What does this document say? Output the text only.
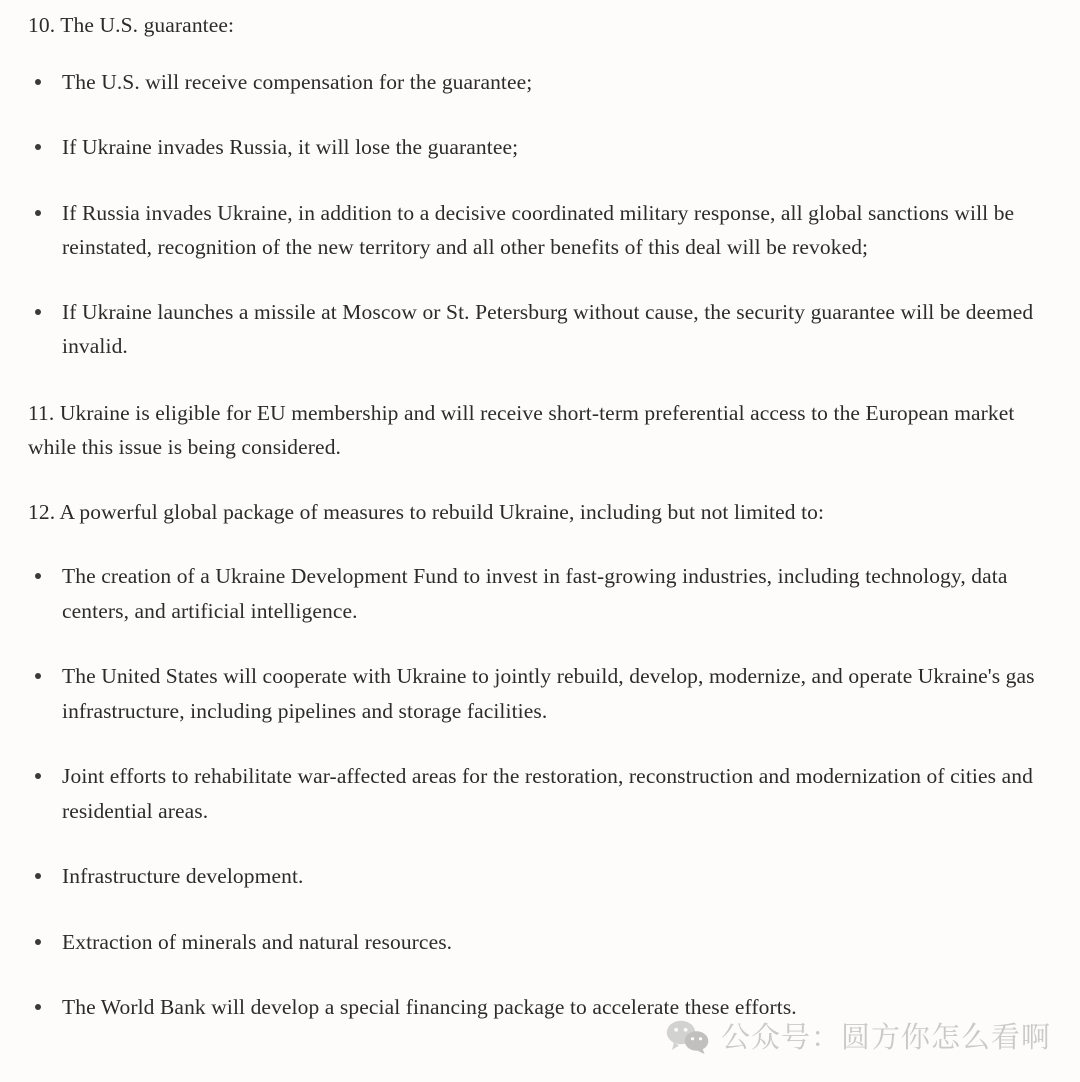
10. The U.S. guarantee:

The U.S. will receive compensation for the guarantee;
If Ukraine invades Russia, it will lose the guarantee;
If Russia invades Ukraine, in addition to a decisive coordinated military response, all global sanctions will be reinstated, recognition of the new territory and all other benefits of this deal will be revoked;
If Ukraine launches a missile at Moscow or St. Petersburg without cause, the security guarantee will be deemed invalid.

11. Ukraine is eligible for EU membership and will receive short-term preferential access to the European market while this issue is being considered.

12. A powerful global package of measures to rebuild Ukraine, including but not limited to:

The creation of a Ukraine Development Fund to invest in fast-growing industries, including technology, data centers, and artificial intelligence.
The United States will cooperate with Ukraine to jointly rebuild, develop, modernize, and operate Ukraine's gas infrastructure, including pipelines and storage facilities.
Joint efforts to rehabilitate war-affected areas for the restoration, reconstruction and modernization of cities and residential areas.
Infrastructure development.
Extraction of minerals and natural resources.
The World Bank will develop a special financing package to accelerate these efforts.
公众号：圆方你怎么看啊
